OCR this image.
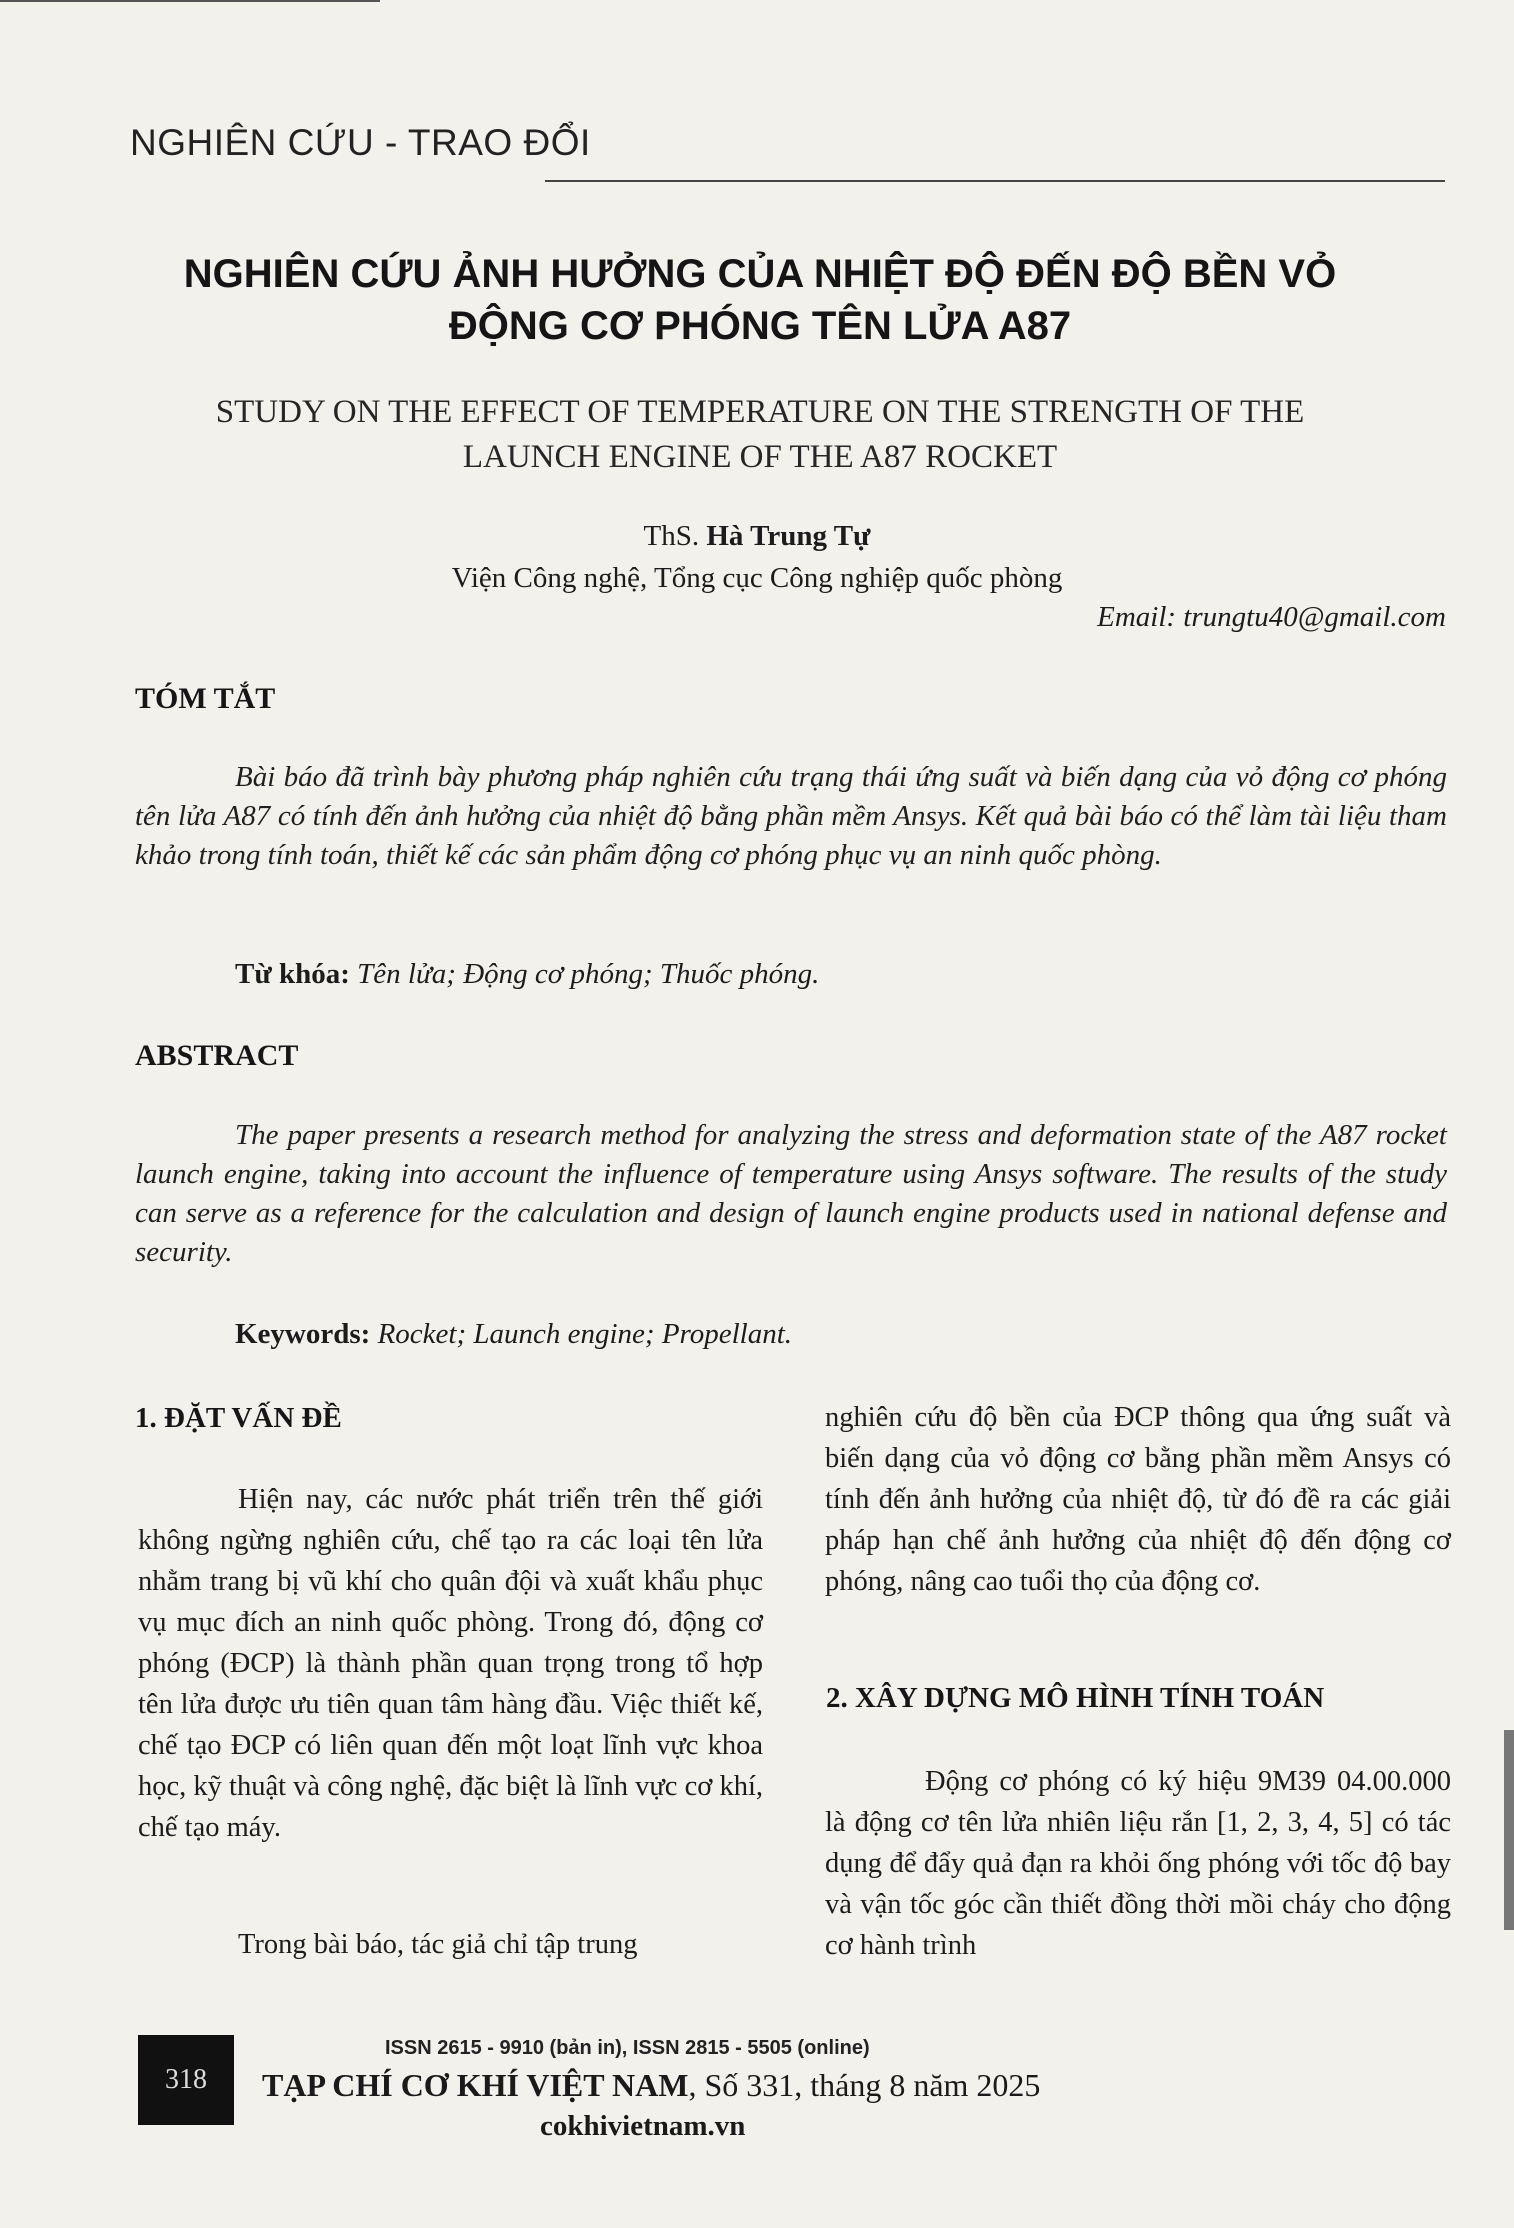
NGHIÊN CỨU - TRAO ĐỔI
NGHIÊN CỨU ẢNH HƯỞNG CỦA NHIỆT ĐỘ ĐẾN ĐỘ BỀN VỎ
ĐỘNG CƠ PHÓNG TÊN LỬA A87
STUDY ON THE EFFECT OF TEMPERATURE ON THE STRENGTH OF THE
LAUNCH ENGINE OF THE A87 ROCKET
ThS. Hà Trung Tự
Viện Công nghệ, Tổng cục Công nghiệp quốc phòng
Email: trungtu40@gmail.com
TÓM TẮT
Bài báo đã trình bày phương pháp nghiên cứu trạng thái ứng suất và biến dạng của vỏ động cơ phóng tên lửa A87 có tính đến ảnh hưởng của nhiệt độ bằng phần mềm Ansys. Kết quả bài báo có thể làm tài liệu tham khảo trong tính toán, thiết kế các sản phẩm động cơ phóng phục vụ an ninh quốc phòng.
Từ khóa: Tên lửa; Động cơ phóng; Thuốc phóng.
ABSTRACT
The paper presents a research method for analyzing the stress and deformation state of the A87 rocket launch engine, taking into account the influence of temperature using Ansys software. The results of the study can serve as a reference for the calculation and design of launch engine products used in national defense and security.
Keywords: Rocket; Launch engine; Propellant.
1. ĐẶT VẤN ĐỀ
Hiện nay, các nước phát triển trên thế giới không ngừng nghiên cứu, chế tạo ra các loại tên lửa nhằm trang bị vũ khí cho quân đội và xuất khẩu phục vụ mục đích an ninh quốc phòng. Trong đó, động cơ phóng (ĐCP) là thành phần quan trọng trong tổ hợp tên lửa được ưu tiên quan tâm hàng đầu. Việc thiết kế, chế tạo ĐCP có liên quan đến một loạt lĩnh vực khoa học, kỹ thuật và công nghệ, đặc biệt là lĩnh vực cơ khí, chế tạo máy.
Trong bài báo, tác giả chỉ tập trung
nghiên cứu độ bền của ĐCP thông qua ứng suất và biến dạng của vỏ động cơ bằng phần mềm Ansys có tính đến ảnh hưởng của nhiệt độ, từ đó đề ra các giải pháp hạn chế ảnh hưởng của nhiệt độ đến động cơ phóng, nâng cao tuổi thọ của động cơ.
2. XÂY DỰNG MÔ HÌNH TÍNH TOÁN
Động cơ phóng có ký hiệu 9M39 04.00.000 là động cơ tên lửa nhiên liệu rắn [1, 2, 3, 4, 5] có tác dụng để đẩy quả đạn ra khỏi ống phóng với tốc độ bay và vận tốc góc cần thiết đồng thời mồi cháy cho động cơ hành trình
318
ISSN 2615 - 9910 (bản in), ISSN 2815 - 5505 (online)
TẠP CHÍ CƠ KHÍ VIỆT NAM, Số 331, tháng 8 năm 2025
cokhivietnam.vn
